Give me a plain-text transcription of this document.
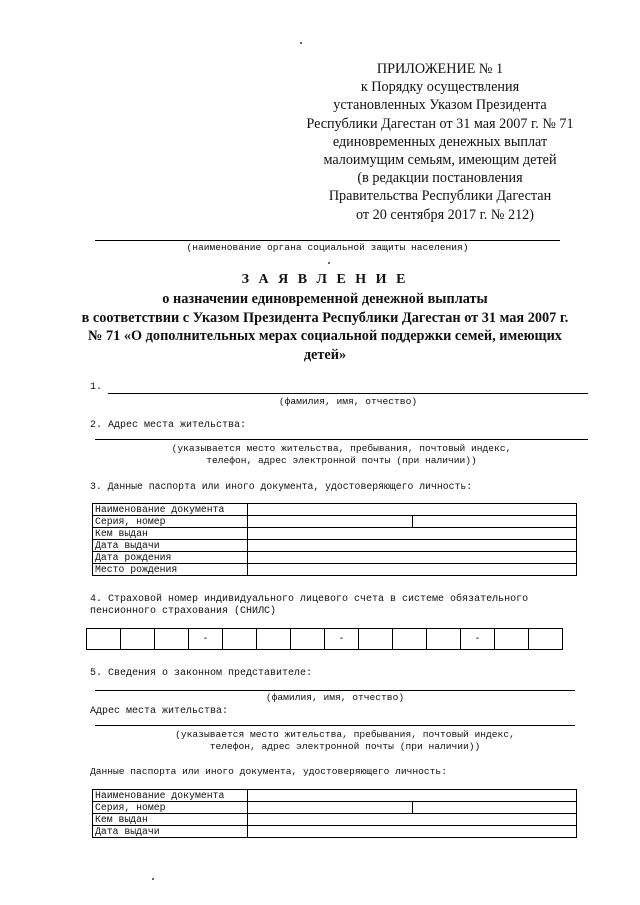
ПРИЛОЖЕНИЕ № 1
к Порядку осуществления
установленных Указом Президента
Республики Дагестан от 31 мая 2007 г. № 71
единовременных денежных выплат
малоимущим семьям, имеющим детей
(в редакции постановления
Правительства Республики Дагестан
от 20 сентября 2017 г. № 212)
(наименование органа социальной защиты населения)
З А Я В Л Е Н И Е
о назначении единовременной денежной выплаты
в соответствии с Указом Президента Республики Дагестан от 31 мая 2007 г.
№ 71 «О дополнительных мерах социальной поддержки семей, имеющих
детей»
1.
(фамилия, имя, отчество)
2. Адрес места жительства:
(указывается место жительства, пребывания, почтовый индекс,
телефон, адрес электронной почты (при наличии))
3. Данные паспорта или иного документа, удостоверяющего личность:
Наименование документа		
Серия, номер		
Кем выдан		
Дата выдачи		
Дата рождения		
Место рождения		
4. Страховой номер индивидуального лицевого счета в системе обязательного
пенсионного страхования (СНИЛС)
			-				-				-		
5. Сведения о законном представителе:
(фамилия, имя, отчество)
Адрес места жительства:
(указывается место жительства, пребывания, почтовый индекс,
телефон, адрес электронной почты (при наличии))
Данные паспорта или иного документа, удостоверяющего личность:
Наименование документа		
Серия, номер		
Кем выдан		
Дата выдачи		
